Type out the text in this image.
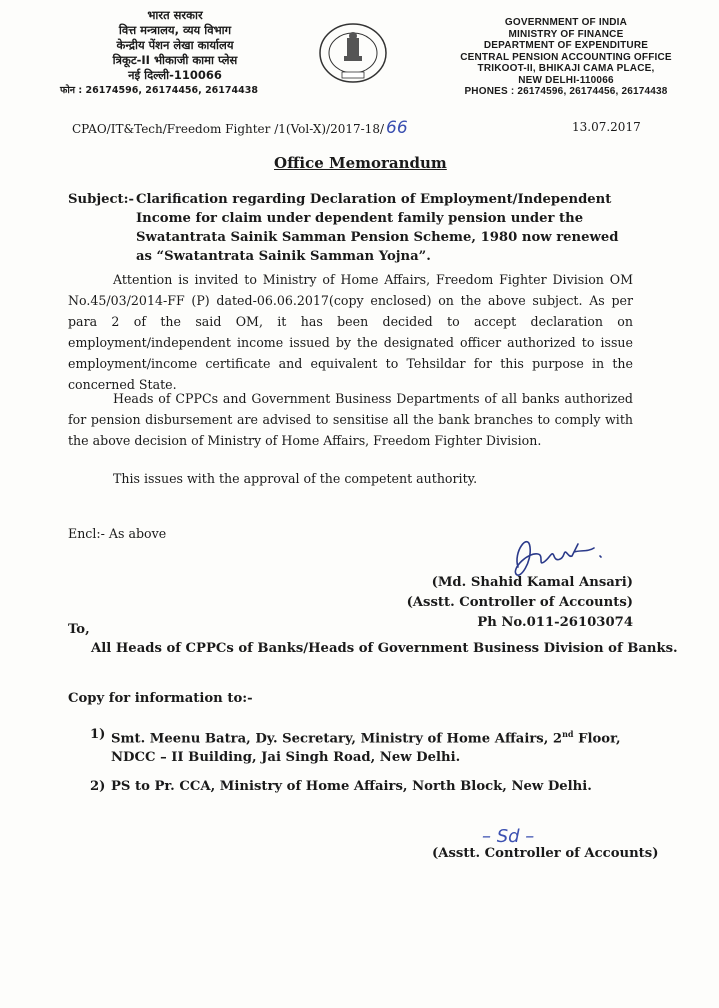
भारत सरकार
वित्त मन्त्रालय, व्यय विभाग
केन्द्रीय पेंशन लेखा कार्यालय
त्रिकूट-II भीकाजी कामा प्लेस
नई दिल्ली-110066
फोन : 26174596, 26174456, 26174438
GOVERNMENT OF INDIA
MINISTRY OF FINANCE
DEPARTMENT OF EXPENDITURE
CENTRAL PENSION ACCOUNTING OFFICE
TRIKOOT-II, BHIKAJI CAMA PLACE,
NEW DELHI-110066
PHONES : 26174596, 26174456, 26174438
CPAO/IT&Tech/Freedom Fighter /1(Vol-X)/2017-18/ 66	13.07.2017
Office Memorandum
Subject:- Clarification regarding Declaration of Employment/Independent Income for claim under dependent family pension under the Swatantrata Sainik Samman Pension Scheme, 1980 now renewed as “Swatantrata Sainik Samman Yojna”.
Attention is invited to Ministry of Home Affairs, Freedom Fighter Division OM No.45/03/2014-FF (P) dated-06.06.2017(copy enclosed) on the above subject. As per para 2 of the said OM, it has been decided to accept declaration on employment/independent income issued by the designated officer authorized to issue employment/income certificate and equivalent to Tehsildar for this purpose in the concerned State.
Heads of CPPCs and Government Business Departments of all banks authorized for pension disbursement are advised to sensitise all the bank branches to comply with the above decision of Ministry of Home Affairs, Freedom Fighter Division.
This issues with the approval of the competent authority.
Encl:- As above
(Md. Shahid Kamal Ansari)
(Asstt. Controller of Accounts)
Ph No.011-26103074
To,
All Heads of CPPCs of Banks/Heads of Government Business Division of Banks.
Copy for information to:-
1) Smt. Meenu Batra, Dy. Secretary, Ministry of Home Affairs, 2nd Floor, NDCC – II Building, Jai Singh Road, New Delhi.
2) PS to Pr. CCA, Ministry of Home Affairs, North Block, New Delhi.
– Sd –
(Asstt. Controller of Accounts)
